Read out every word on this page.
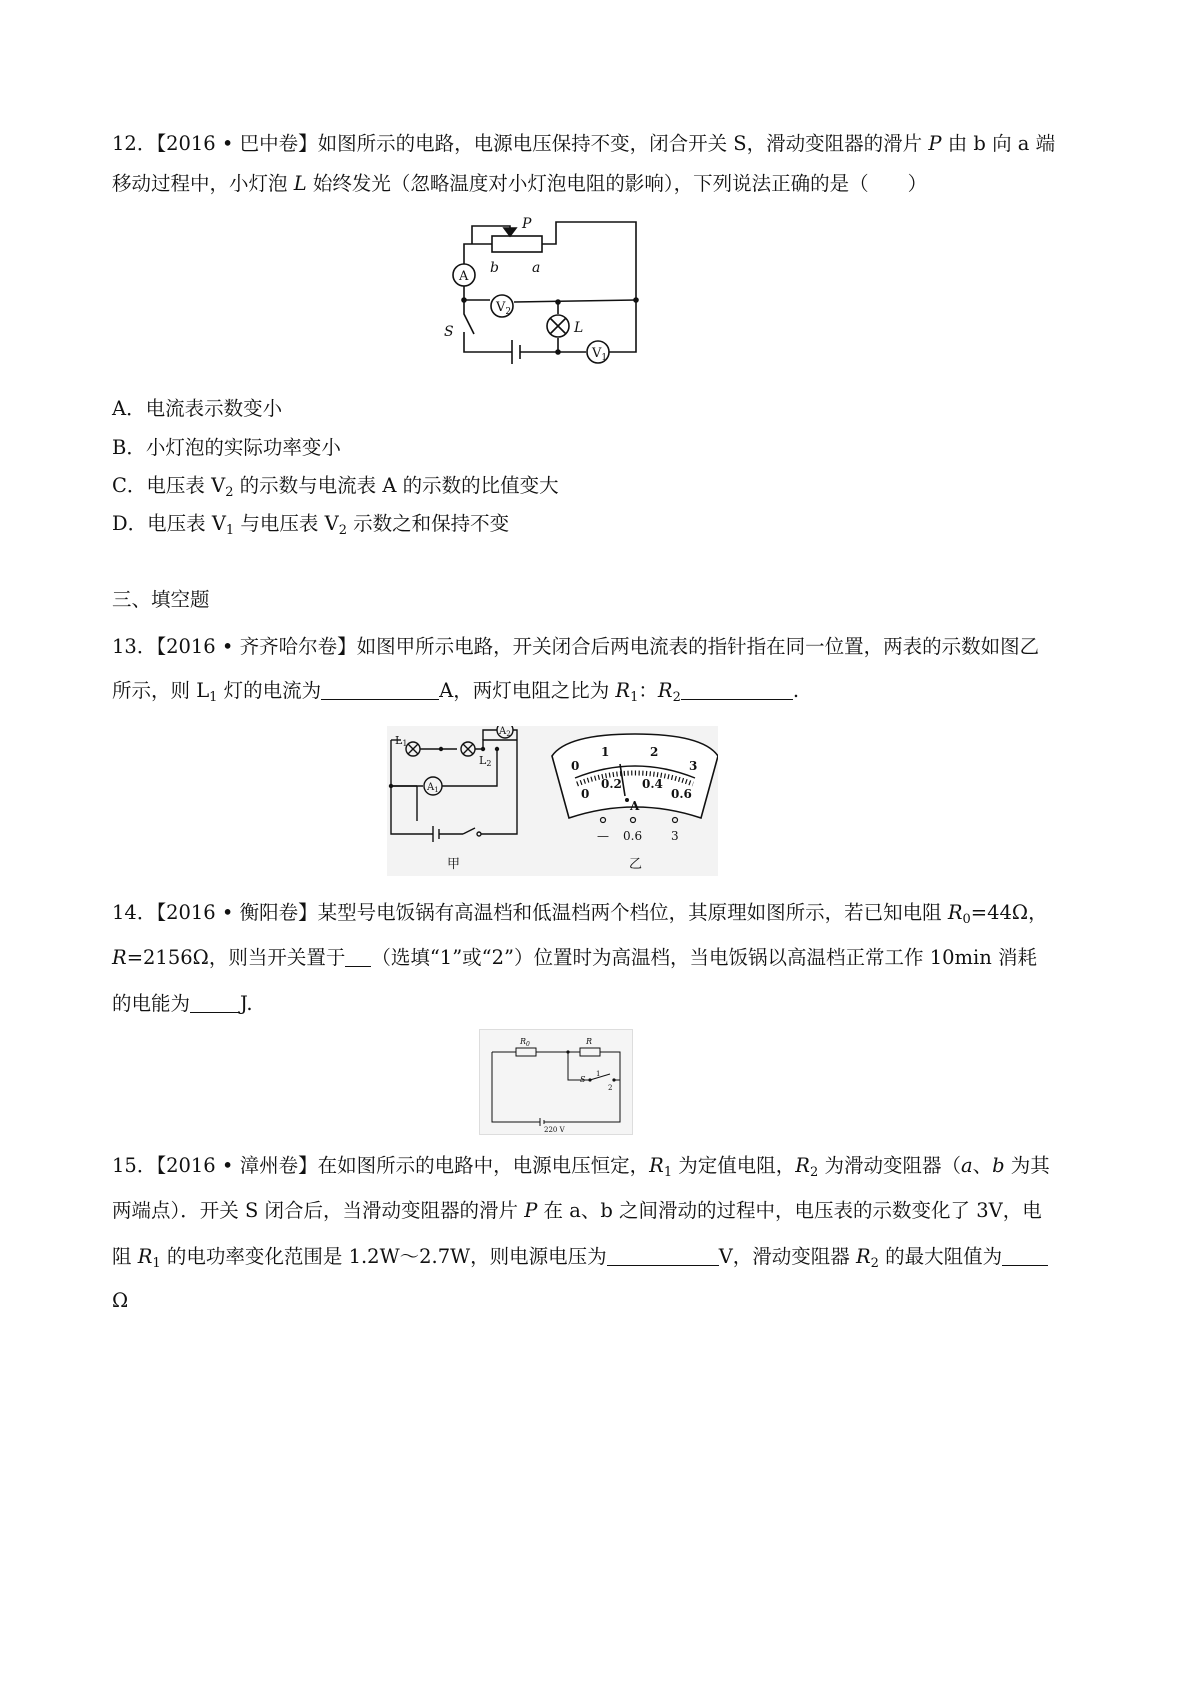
12．【2016 • 巴中卷】如图所示的电路，电源电压保持不变，闭合开关 S，滑动变阻器的滑片 P 由 b 向 a 端
移动过程中，小灯泡 L 始终发光（忽略温度对小灯泡电阻的影响），下列说法正确的是（　　）
P
b a
A
$V_2$
L
S
$V_1$
A．电流表示数变小
B．小灯泡的实际功率变小
C．电压表 $V_2$ 的示数与电流表 A 的示数的比值变大
D．电压表 $V_1$ 与电压表 $V_2$ 示数之和保持不变
三、填空题
13．【2016 • 齐齐哈尔卷】如图甲所示电路，开关闭合后两电流表的指针指在同一位置，两表的示数如图乙
所示，则 $L_1$ 灯的电流为	A，两灯电阻之比为 $R_1$：$R_2$	.
L1
L2
$A_1$
$A_2$
甲	乙
0
1	2
3
0
0.2 0.4
0.6
A
— 0.6 3
14．【2016 • 衡阳卷】某型号电饭锅有高温档和低温档两个档位，其原理如图所示，若已知电阻 $R_0=44\Omega$，
R=2156Ω，则当开关置于 （选填“1”或“2”）位置时为高温档，当电饭锅以高温档正常工作 10min 消耗
的电能为	J.
$R_0$	R
S
1
2
220 V
15．【2016 • 漳州卷】在如图所示的电路中，电源电压恒定，$R_1$ 为定值电阻，$R_2$ 为滑动变阻器（a、b 为其
两端点）．开关 S 闭合后，当滑动变阻器的滑片 P 在 a、b 之间滑动的过程中，电压表的示数变化了 3V，电
阻 $R_1$ 的电功率变化范围是 1.2W～2.7W，则电源电压为	V，滑动变阻器 $R_2$ 的最大阻值为
Ω
